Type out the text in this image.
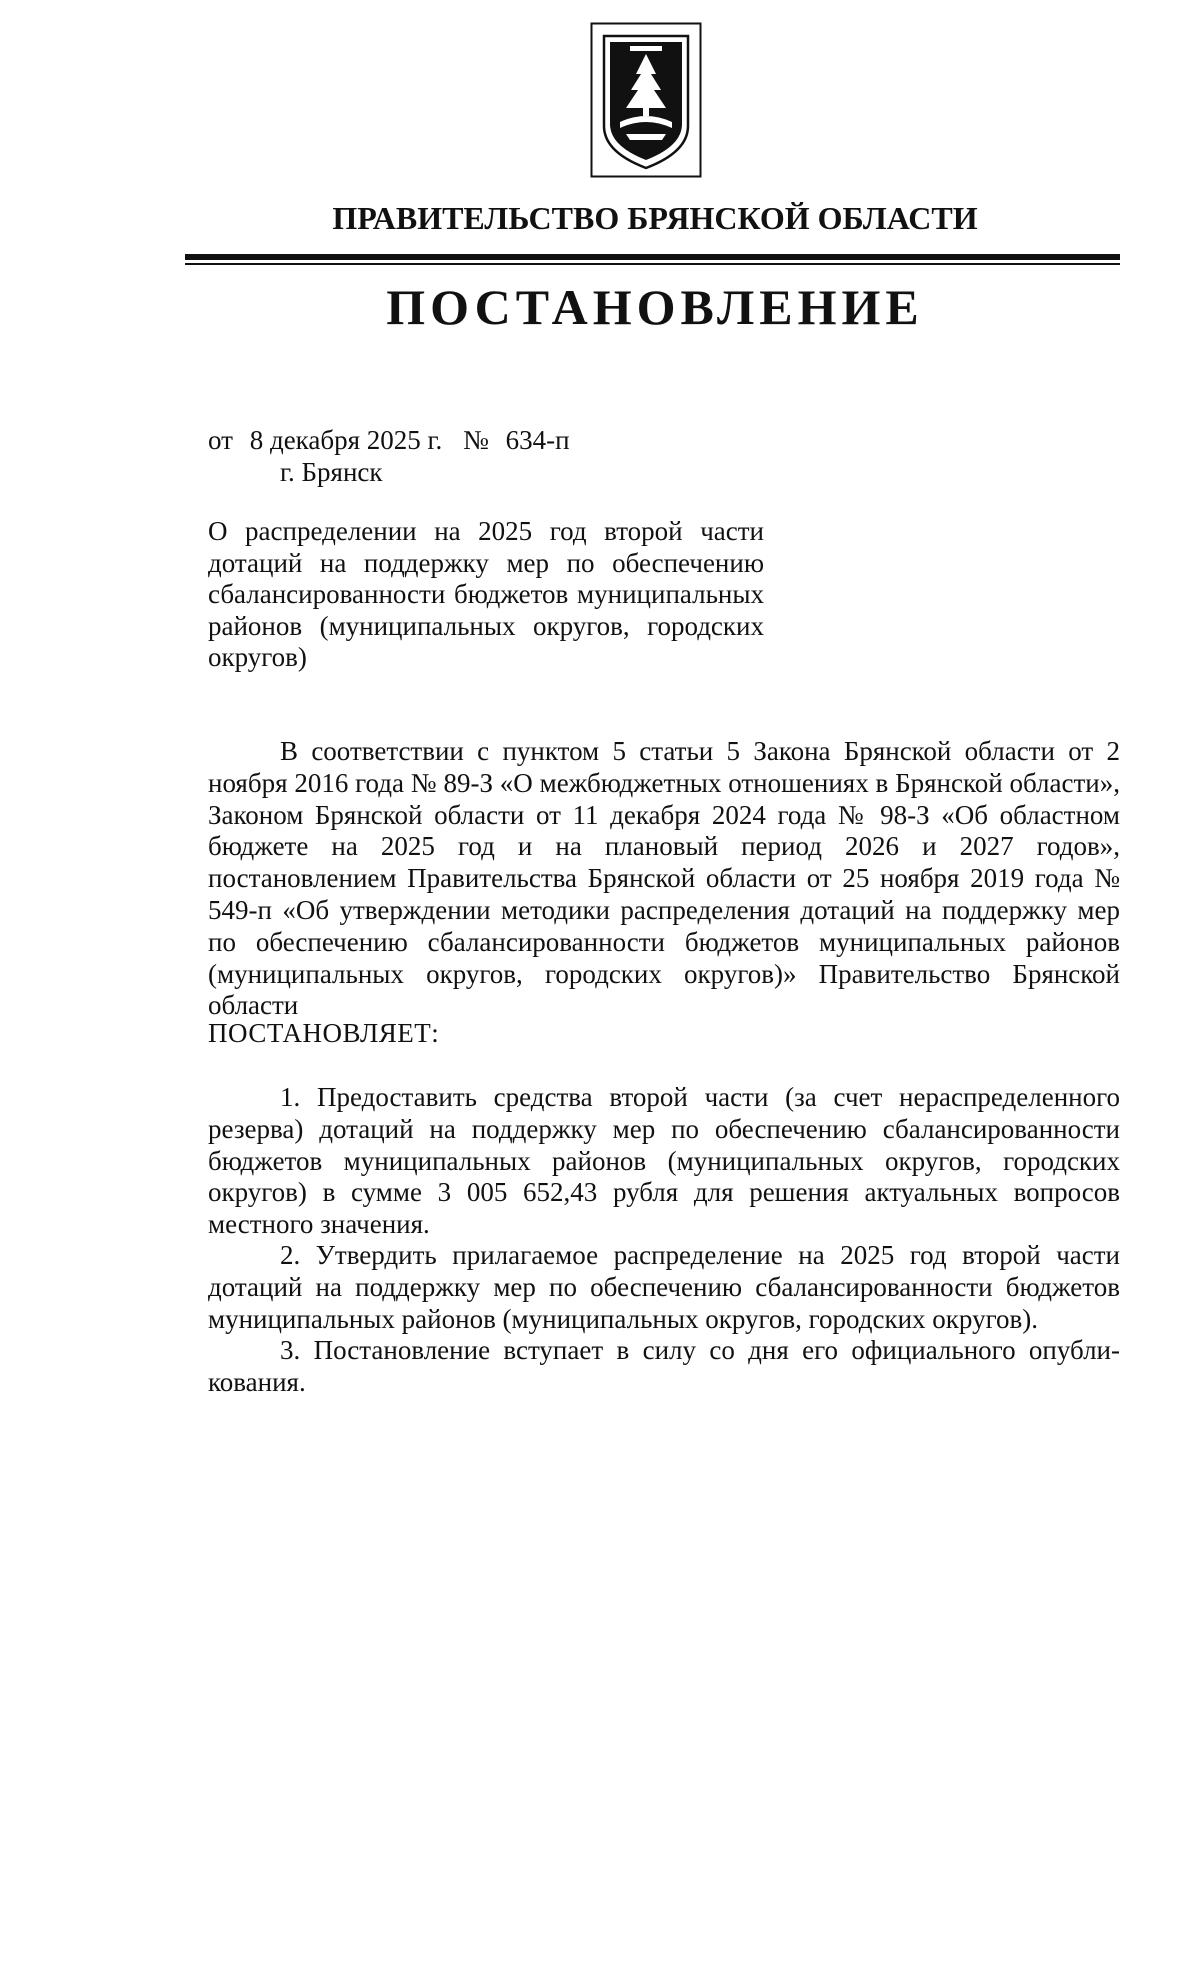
ПРАВИТЕЛЬСТВО БРЯНСКОЙ ОБЛАСТИ
ПОСТАНОВЛЕНИЕ
от 8 декабря 2025 г. № 634-п
г. Брянск
О распределении на 2025 год второй части дотаций на поддержку мер по обеспечению сбалансированности бюджетов муниципальных районов (муниципальных округов, городских округов)

В соответствии с пунктом 5 статьи 5 Закона Брянской области от 2 ноября 2016 года № 89-З «О межбюджетных отношениях в Брянской области», Законом Брянской области от 11 декабря 2024 года № 98-З «Об областном бюджете на 2025 год и на плановый период 2026 и 2027 годов», постановлением Правительства Брянской области от 25 ноября 2019 года № 549-п «Об утверждении методики распределения дотаций на поддержку мер по обеспечению сбалансированности бюджетов муниципальных районов (муниципальных округов, городских округов)» Правительство Брянской области

ПОСТАНОВЛЯЕТ:

1. Предоставить средства второй части (за счет нераспределенного резерва) дотаций на поддержку мер по обеспечению сбалансированности бюджетов муниципальных районов (муниципальных округов, городских округов) в сумме 3 005 652,43 рубля для решения актуальных вопросов местного значения.

2. Утвердить прилагаемое распределение на 2025 год второй части дотаций на поддержку мер по обеспечению сбалансированности бюджетов муниципальных районов (муниципальных округов, городских округов).

3. Постановление вступает в силу со дня его официального опубли-кования.
